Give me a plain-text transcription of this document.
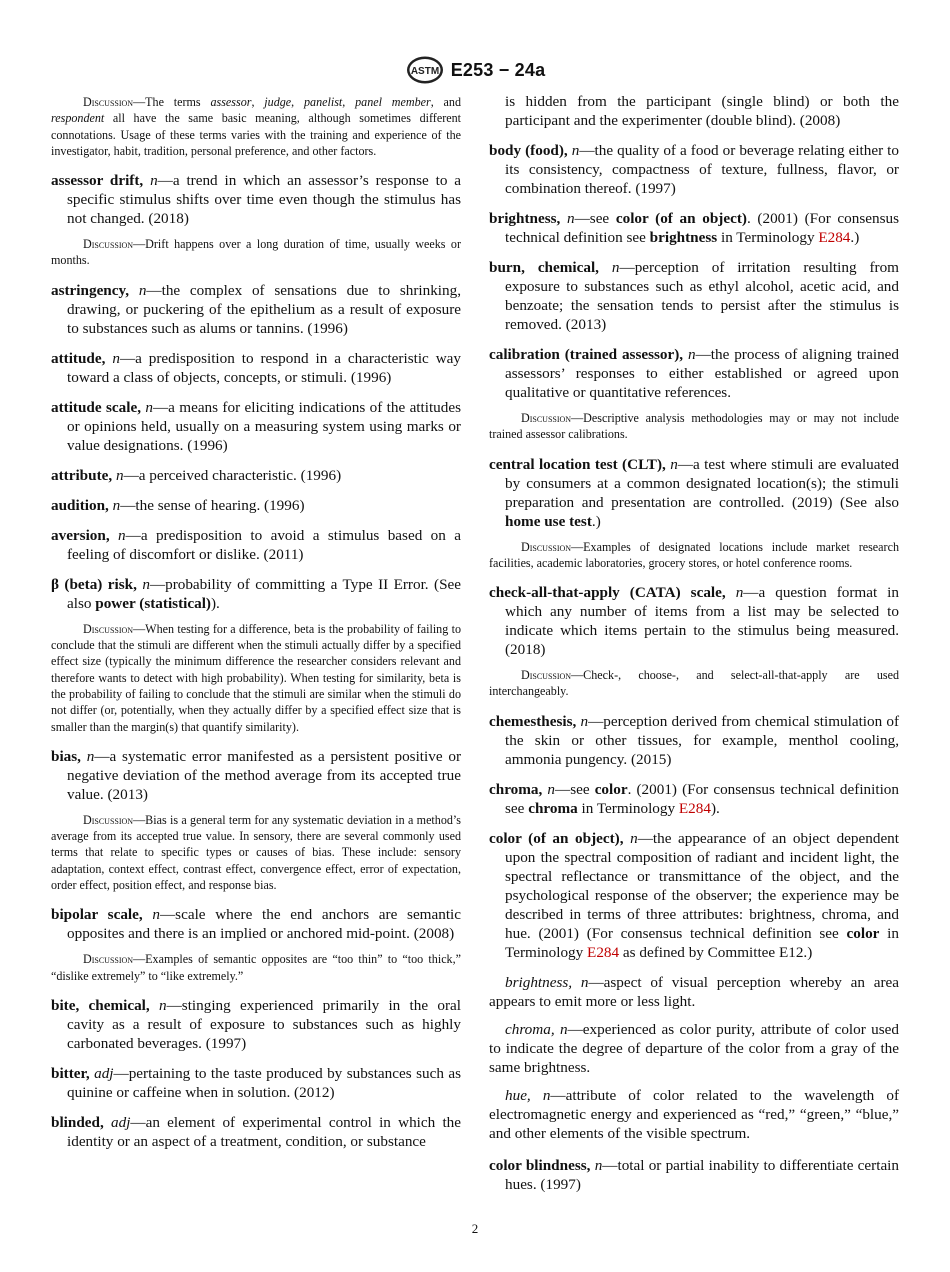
ASTM E253 − 24a

Discussion—The terms assessor, judge, panelist, panel member, and respondent all have the same basic meaning, although sometimes different connotations. Usage of these terms varies with the training and experience of the investigator, habit, tradition, personal preference, and other factors.

assessor drift, n—a trend in which an assessor’s response to a specific stimulus shifts over time even though the stimulus has not changed. (2018)

Discussion—Drift happens over a long duration of time, usually weeks or months.

astringency, n—the complex of sensations due to shrinking, drawing, or puckering of the epithelium as a result of exposure to substances such as alums or tannins. (1996)

attitude, n—a predisposition to respond in a characteristic way toward a class of objects, concepts, or stimuli. (1996)

attitude scale, n—a means for eliciting indications of the attitudes or opinions held, usually on a measuring system using marks or value designations. (1996)

attribute, n—a perceived characteristic. (1996)

audition, n—the sense of hearing. (1996)

aversion, n—a predisposition to avoid a stimulus based on a feeling of discomfort or dislike. (2011)

β (beta) risk, n—probability of committing a Type II Error. (See also power (statistical)).

Discussion—When testing for a difference, beta is the probability of failing to conclude that the stimuli are different when the stimuli actually differ by a specified effect size (typically the minimum difference the researcher considers relevant and therefore wants to detect with high probability). When testing for similarity, beta is the probability of failing to conclude that the stimuli are similar when the stimuli do not differ (or, potentially, when they actually differ by a specified effect size that is smaller than the margin(s) that quantify similarity).

bias, n—a systematic error manifested as a persistent positive or negative deviation of the method average from its accepted true value. (2013)

Discussion—Bias is a general term for any systematic deviation in a method’s average from its accepted true value. In sensory, there are several commonly used terms that relate to specific types or causes of bias. These include: sensory adaptation, context effect, contrast effect, convergence effect, error of expectation, order effect, position effect, and response bias.

bipolar scale, n—scale where the end anchors are semantic opposites and there is an implied or anchored mid-point. (2008)

Discussion—Examples of semantic opposites are “too thin” to “too thick,” “dislike extremely” to “like extremely.”

bite, chemical, n—stinging experienced primarily in the oral cavity as a result of exposure to substances such as highly carbonated beverages. (1997)

bitter, adj—pertaining to the taste produced by substances such as quinine or caffeine when in solution. (2012)

blinded, adj—an element of experimental control in which the identity or an aspect of a treatment, condition, or substance

is hidden from the participant (single blind) or both the participant and the experimenter (double blind). (2008)

body (food), n—the quality of a food or beverage relating either to its consistency, compactness of texture, fullness, flavor, or combination thereof. (1997)

brightness, n—see color (of an object). (2001) (For consensus technical definition see brightness in Terminology E284.)

burn, chemical, n—perception of irritation resulting from exposure to substances such as ethyl alcohol, acetic acid, and benzoate; the sensation tends to persist after the stimulus is removed. (2013)

calibration (trained assessor), n—the process of aligning trained assessors’ responses to either established or agreed upon qualitative or quantitative references.

Discussion—Descriptive analysis methodologies may or may not include trained assessor calibrations.

central location test (CLT), n—a test where stimuli are evaluated by consumers at a common designated location(s); the stimuli preparation and presentation are controlled. (2019) (See also home use test.)

Discussion—Examples of designated locations include market research facilities, academic laboratories, grocery stores, or hotel conference rooms.

check-all-that-apply (CATA) scale, n—a question format in which any number of items from a list may be selected to indicate which items pertain to the stimulus being measured. (2018)

Discussion—Check-, choose-, and select-all-that-apply are used interchangeably.

chemesthesis, n—perception derived from chemical stimulation of the skin or other tissues, for example, menthol cooling, ammonia pungency. (2015)

chroma, n—see color. (2001) (For consensus technical definition see chroma in Terminology E284).

color (of an object), n—the appearance of an object dependent upon the spectral composition of radiant and incident light, the spectral reflectance or transmittance of the object, and the psychological response of the observer; the experience may be described in terms of three attributes: brightness, chroma, and hue. (2001) (For consensus technical definition see color in Terminology E284 as defined by Committee E12.)

brightness, n—aspect of visual perception whereby an area appears to emit more or less light.

chroma, n—experienced as color purity, attribute of color used to indicate the degree of departure of the color from a gray of the same brightness.

hue, n—attribute of color related to the wavelength of electromagnetic energy and experienced as “red,” “green,” “blue,” and other elements of the visible spectrum.

color blindness, n—total or partial inability to differentiate certain hues. (1997)

2
